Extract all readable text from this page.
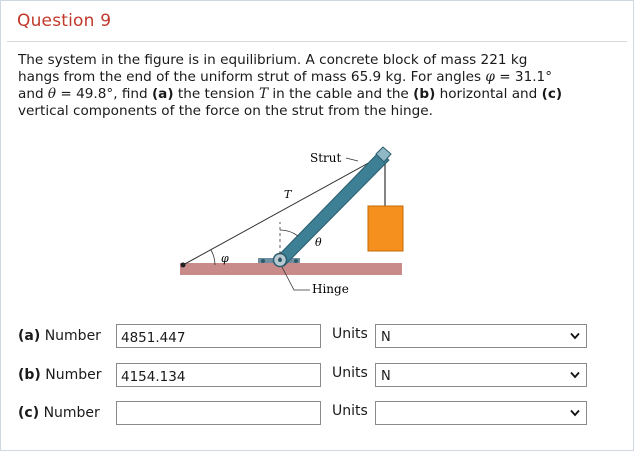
Question 9
The system in the figure is in equilibrium. A concrete block of mass 221 kg
hangs from the end of the uniform strut of mass 65.9 kg. For angles φ = 31.1°
and θ = 49.8°, find (a) the tension T in the cable and the (b) horizontal and (c)
vertical components of the force on the strut from the hinge.
Strut
T
θ
φ
Hinge
(a) Number	4851.447	Units N
(b) Number	4154.134	Units N
(c) Number	Units
